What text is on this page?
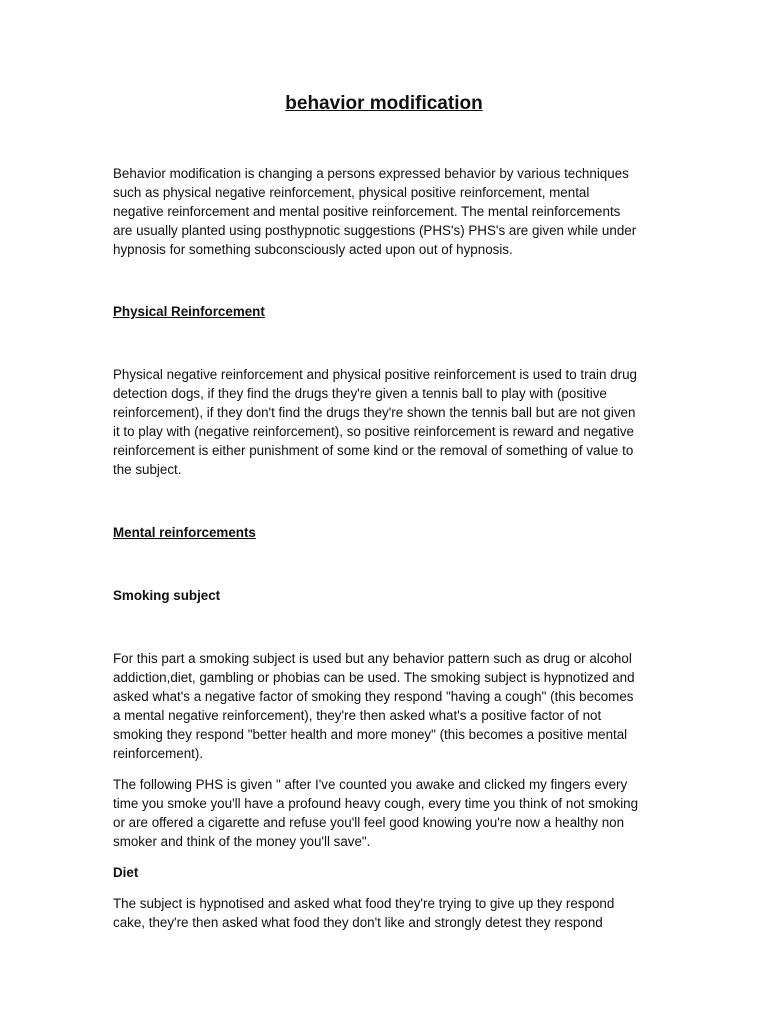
behavior modification

Behavior modification is changing a persons expressed behavior by various techniques
such as physical negative reinforcement, physical positive reinforcement, mental
negative reinforcement and mental positive reinforcement. The mental reinforcements
are usually planted using posthypnotic suggestions (PHS's) PHS's are given while under
hypnosis for something subconsciously acted upon out of hypnosis.

Physical Reinforcement

Physical negative reinforcement and physical positive reinforcement is used to train drug
detection dogs, if they find the drugs they're given a tennis ball to play with (positive
reinforcement), if they don't find the drugs they're shown the tennis ball but are not given
it to play with (negative reinforcement), so positive reinforcement is reward and negative
reinforcement is either punishment of some kind or the removal of something of value to
the subject.

Mental reinforcements

Smoking subject

For this part a smoking subject is used but any behavior pattern such as drug or alcohol
addiction,diet, gambling or phobias can be used. The smoking subject is hypnotized and
asked what's a negative factor of smoking they respond "having a cough" (this becomes
a mental negative reinforcement), they're then asked what's a positive factor of not
smoking they respond "better health and more money" (this becomes a positive mental
reinforcement).

The following PHS is given " after I've counted you awake and clicked my fingers every
time you smoke you'll have a profound heavy cough, every time you think of not smoking
or are offered a cigarette and refuse you'll feel good knowing you're now a healthy non
smoker and think of the money you'll save".

Diet

The subject is hypnotised and asked what food they're trying to give up they respond
cake, they're then asked what food they don't like and strongly detest they respond
